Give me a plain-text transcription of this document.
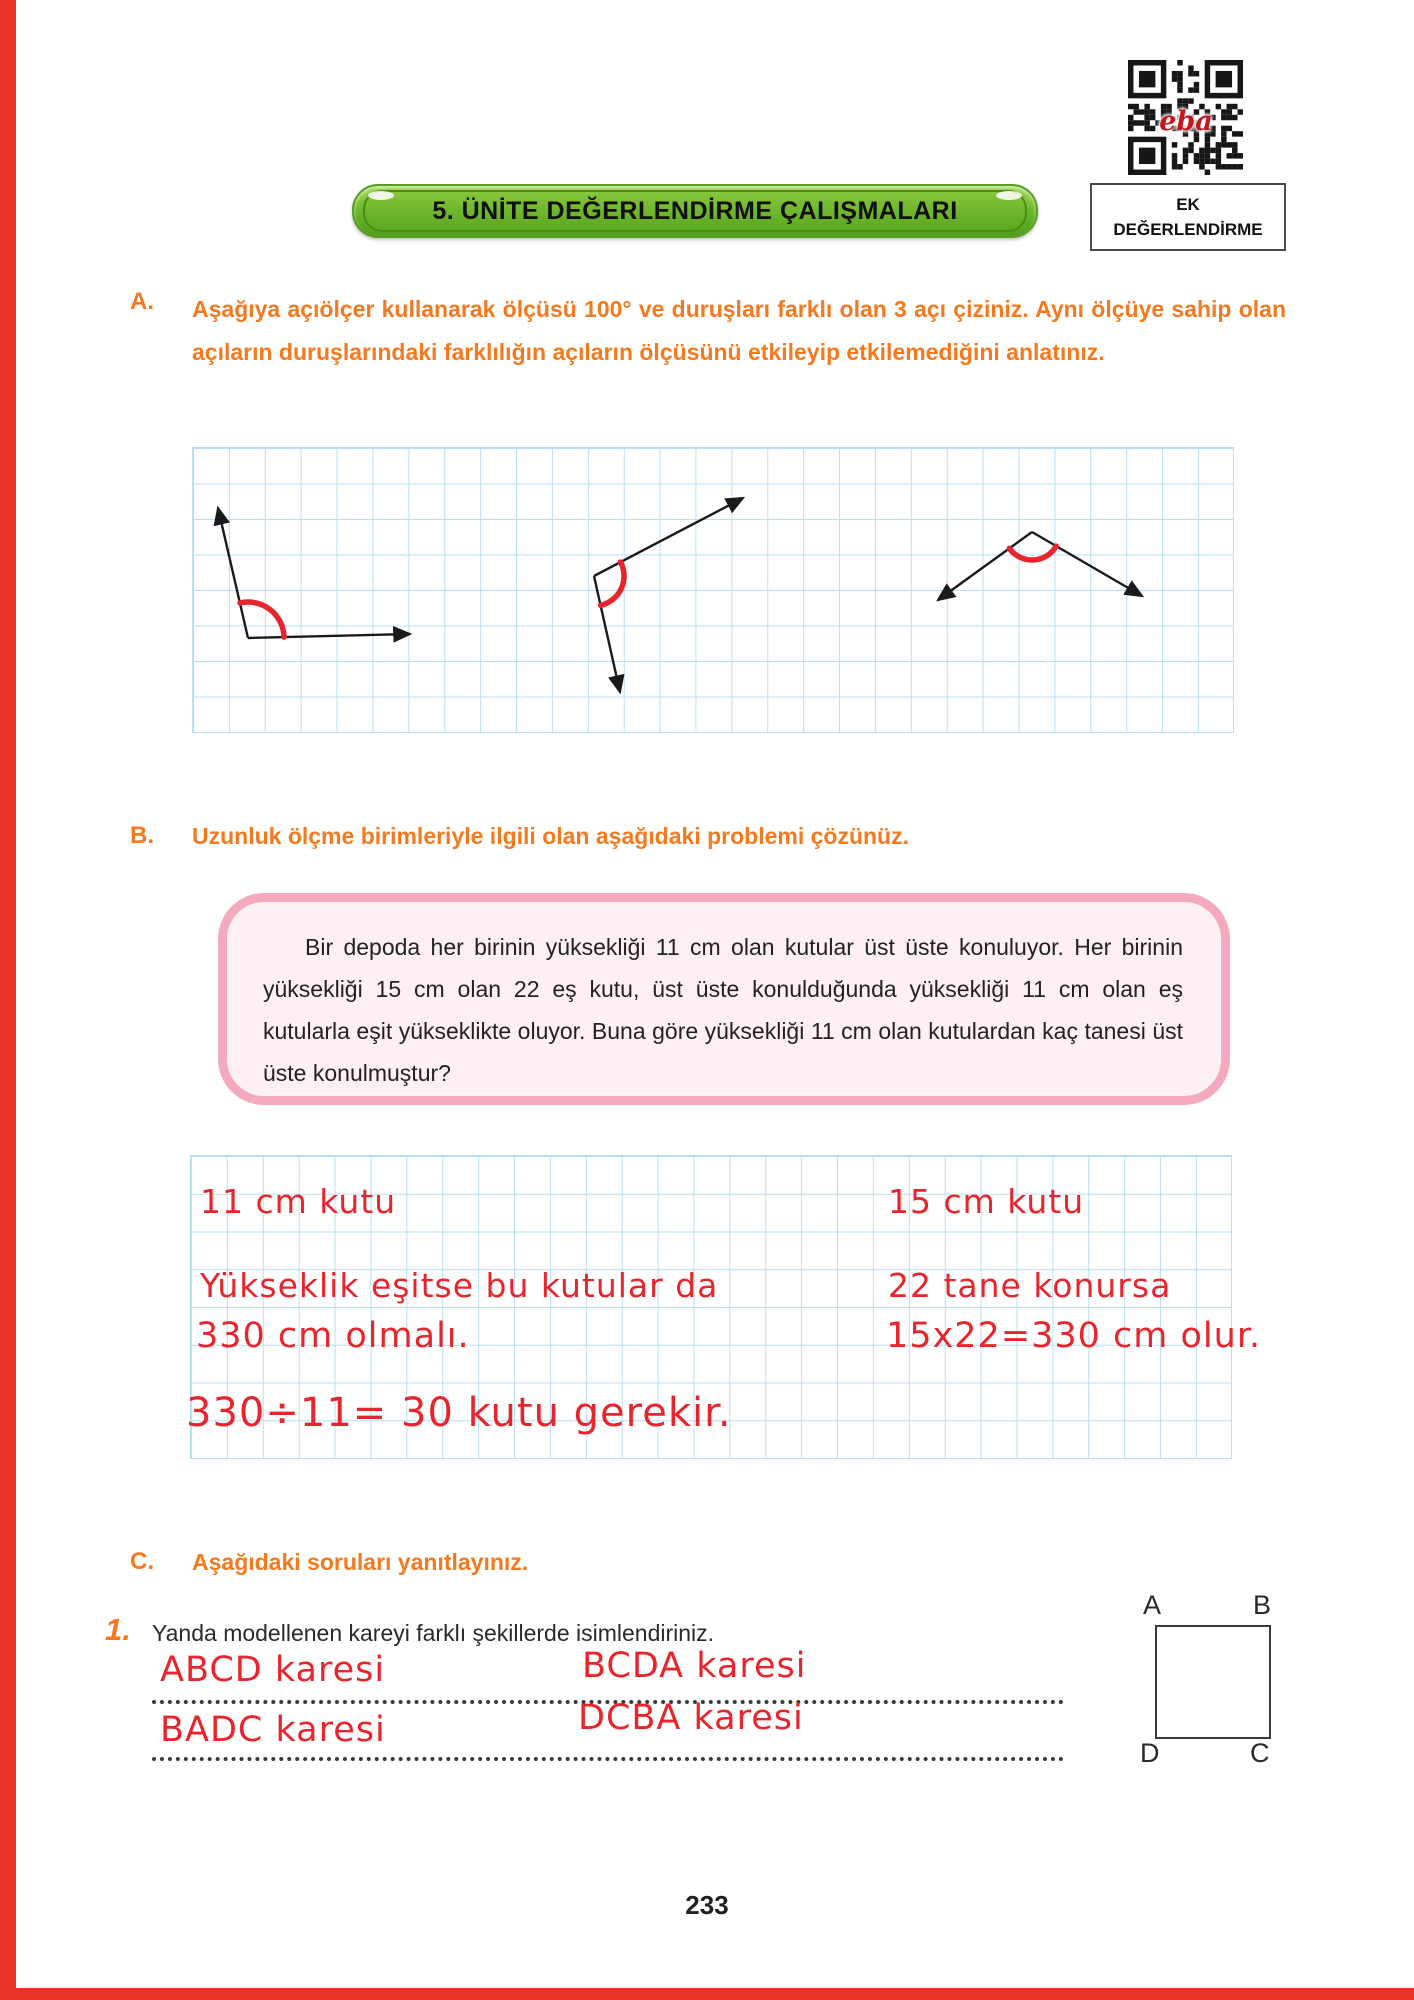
eba
EK
DEĞERLENDİRME
5. ÜNİTE DEĞERLENDİRME ÇALIŞMALARI
A. Aşağıya açıölçer kullanarak ölçüsü 100° ve duruşları farklı olan 3 açı çiziniz. Aynı ölçüye sahip olan açıların duruşlarındaki farklılığın açıların ölçüsünü etkileyip etkilemediğini anlatınız.
B. Uzunluk ölçme birimleriyle ilgili olan aşağıdaki problemi çözünüz.
Bir depoda her birinin yüksekliği 11 cm olan kutular üst üste konuluyor. Her birinin yüksekliği 15 cm olan 22 eş kutu, üst üste konulduğunda yüksekliği 11 cm olan eş kutularla eşit yükseklikte oluyor. Buna göre yüksekliği 11 cm olan kutulardan kaç tanesi üst üste konulmuştur?
11 cm kutu
Yükseklik eşitse bu kutular da
330 cm olmalı.
330÷11= 30 kutu gerekir.
15 cm kutu
22 tane konursa
15x22=330 cm olur.
C. Aşağıdaki soruları yanıtlayınız.
1. Yanda modellenen kareyi farklı şekillerde isimlendiriniz.
ABCD karesi	BCDA karesi
BADC karesi	DCBA karesi
A	B
D	C
233
